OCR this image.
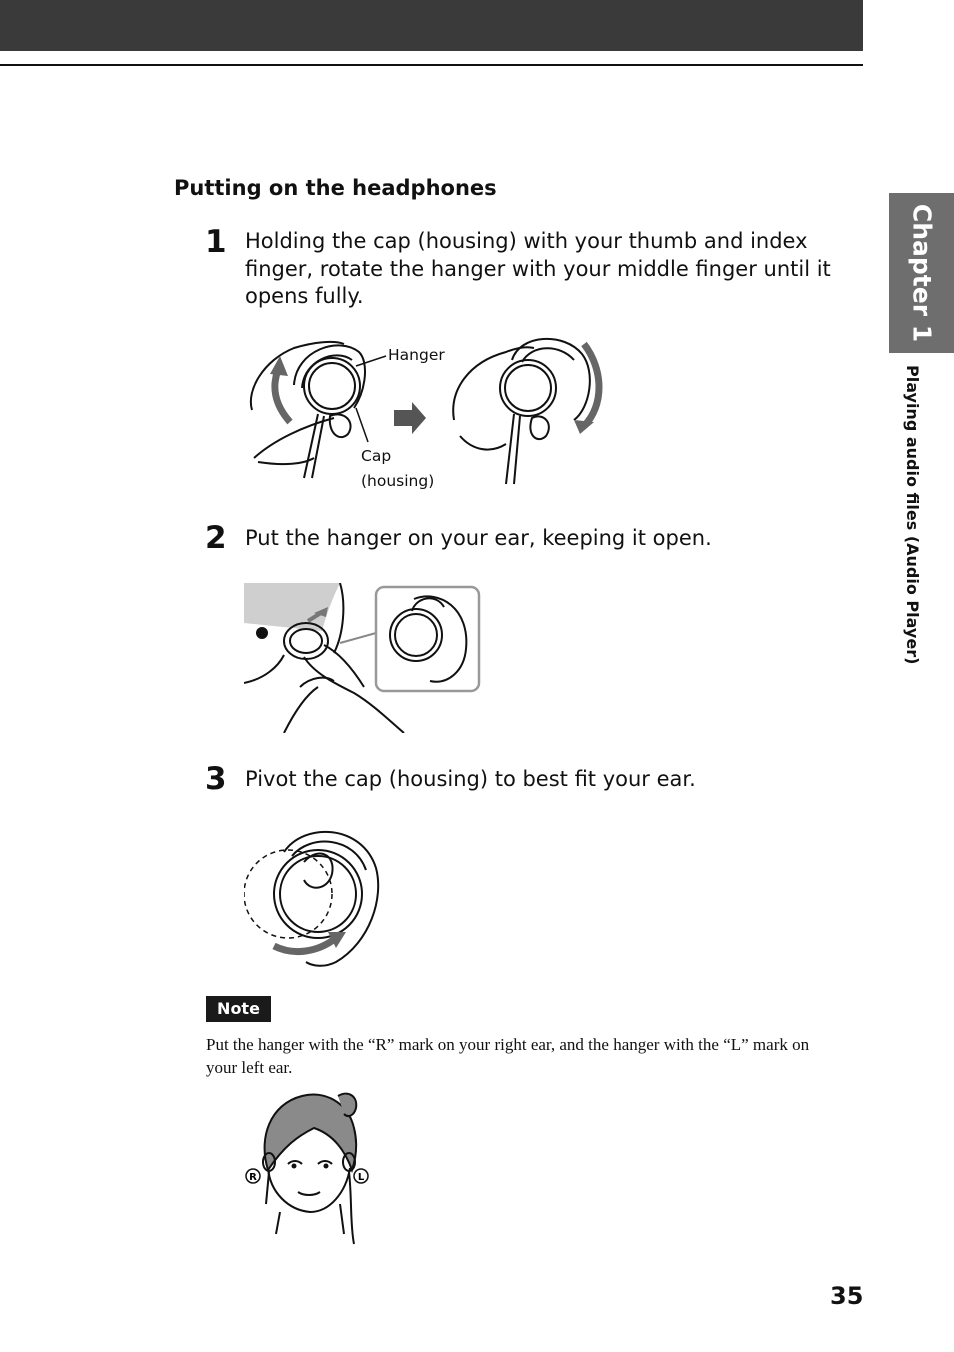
Chapter 1
Playing audio files (Audio Player)
Putting on the headphones
1 Holding the cap (housing) with your thumb and index finger, rotate the hanger with your middle finger until it opens fully.
Hanger
Cap
(housing)
2 Put the hanger on your ear, keeping it open.
3 Pivot the cap (housing) to best fit your ear.
Note
Put the hanger with the “R” mark on your right ear, and the hanger with the “L” mark on your left ear.
R	L
35
